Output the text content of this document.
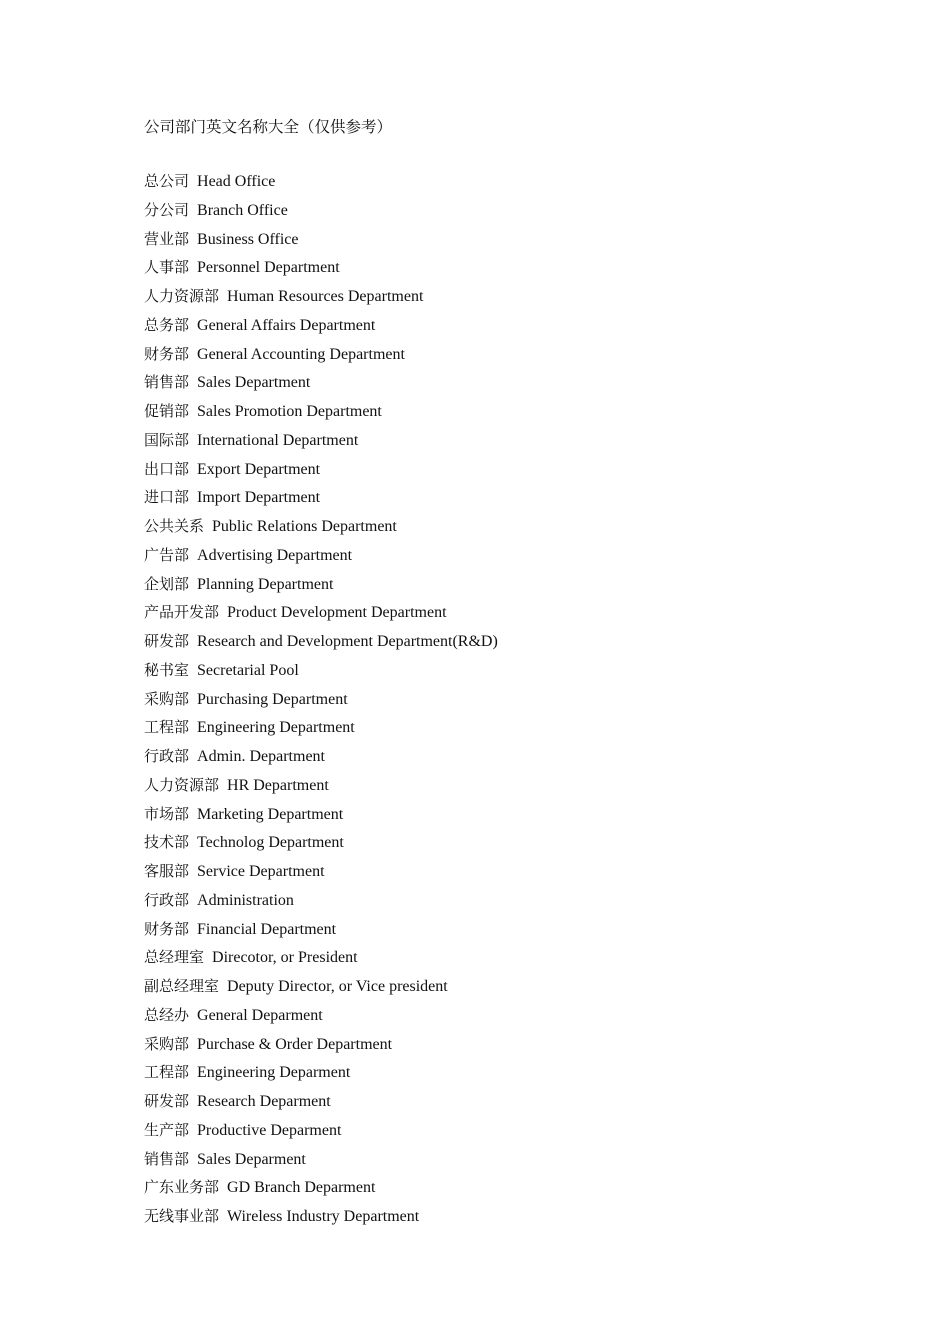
公司部门英文名称大全（仅供参考）
总公司 Head Office
分公司 Branch Office
营业部 Business Office
人事部 Personnel Department
人力资源部 Human Resources Department
总务部 General Affairs Department
财务部 General Accounting Department
销售部 Sales Department
促销部 Sales Promotion Department
国际部 International Department
出口部 Export Department
进口部 Import Department
公共关系 Public Relations Department
广告部 Advertising Department
企划部 Planning Department
产品开发部 Product Development Department
研发部 Research and Development Department(R&D)
秘书室 Secretarial Pool
采购部 Purchasing Department
工程部 Engineering Department
行政部 Admin. Department
人力资源部 HR Department
市场部 Marketing Department
技术部 Technolog Department
客服部 Service Department
行政部 Administration
财务部 Financial Department
总经理室 Direcotor, or President
副总经理室 Deputy Director, or Vice president
总经办 General Deparment
采购部 Purchase & Order Department
工程部 Engineering Deparment
研发部 Research Deparment
生产部 Productive Deparment
销售部 Sales Deparment
广东业务部 GD Branch Deparment
无线事业部 Wireless Industry Department
